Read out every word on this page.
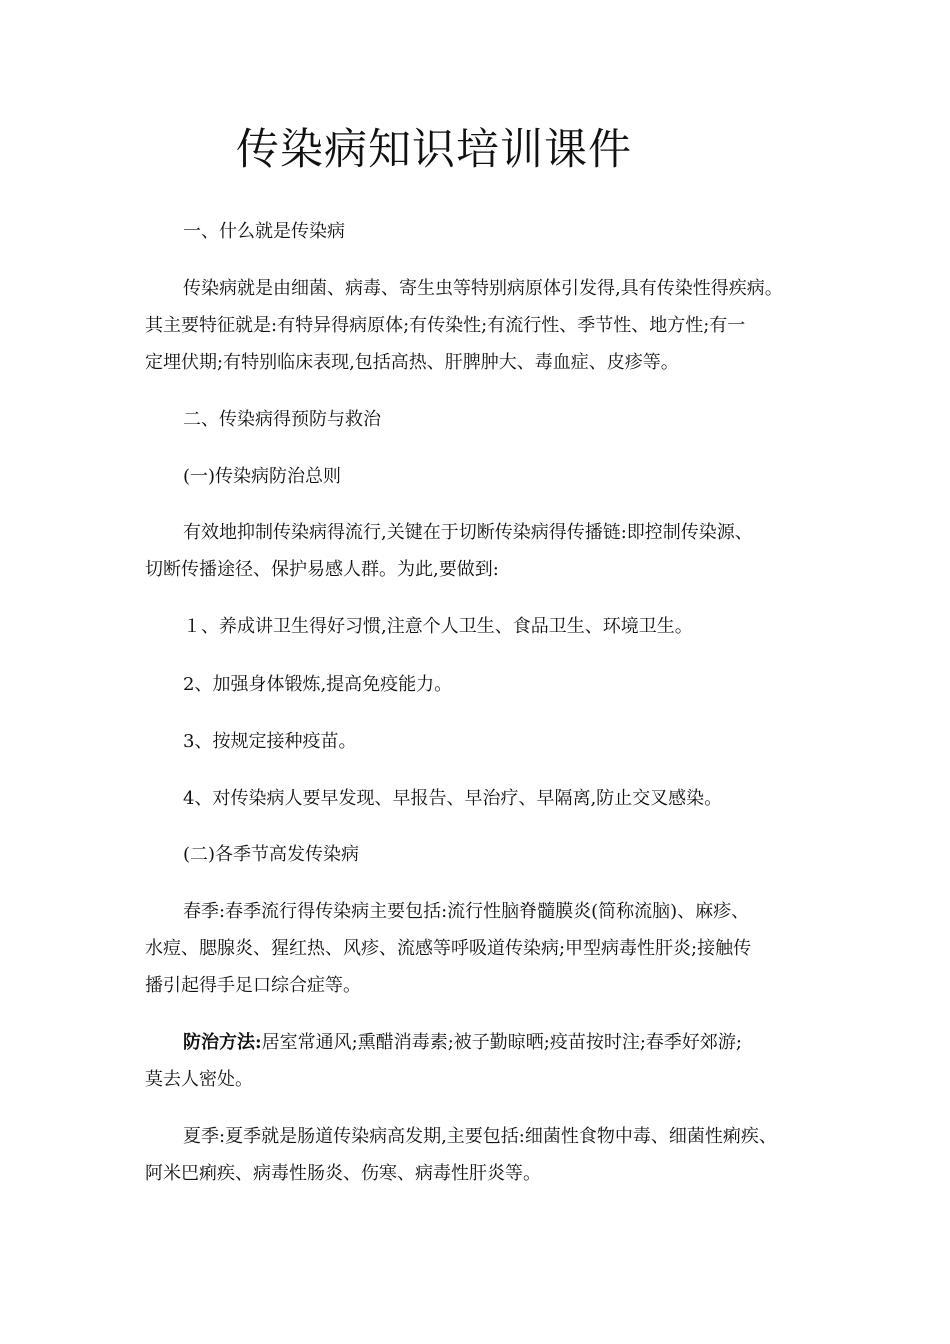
传染病知识培训课件

一、什么就是传染病

传染病就是由细菌、病毒、寄生虫等特别病原体引发得,具有传染性得疾病。
其主要特征就是:有特异得病原体;有传染性;有流行性、季节性、地方性;有一
定埋伏期;有特别临床表现,包括高热、肝脾肿大、毒血症、皮疹等。

二、传染病得预防与救治

(一)传染病防治总则

有效地抑制传染病得流行,关键在于切断传染病得传播链:即控制传染源、
切断传播途径、保护易感人群。为此,要做到:

１、养成讲卫生得好习惯,注意个人卫生、食品卫生、环境卫生。

2、加强身体锻炼,提高免疫能力。

3、按规定接种疫苗。

4、对传染病人要早发现、早报告、早治疗、早隔离,防止交叉感染。

(二)各季节高发传染病

春季:春季流行得传染病主要包括:流行性脑脊髓膜炎(简称流脑)、麻疹、
水痘、腮腺炎、猩红热、风疹、流感等呼吸道传染病;甲型病毒性肝炎;接触传
播引起得手足口综合症等。

防治方法:居室常通风;熏醋消毒素;被子勤晾晒;疫苗按时注;春季好郊游;
莫去人密处。

夏季:夏季就是肠道传染病高发期,主要包括:细菌性食物中毒、细菌性痢疾、
阿米巴痢疾、病毒性肠炎、伤寒、病毒性肝炎等。
